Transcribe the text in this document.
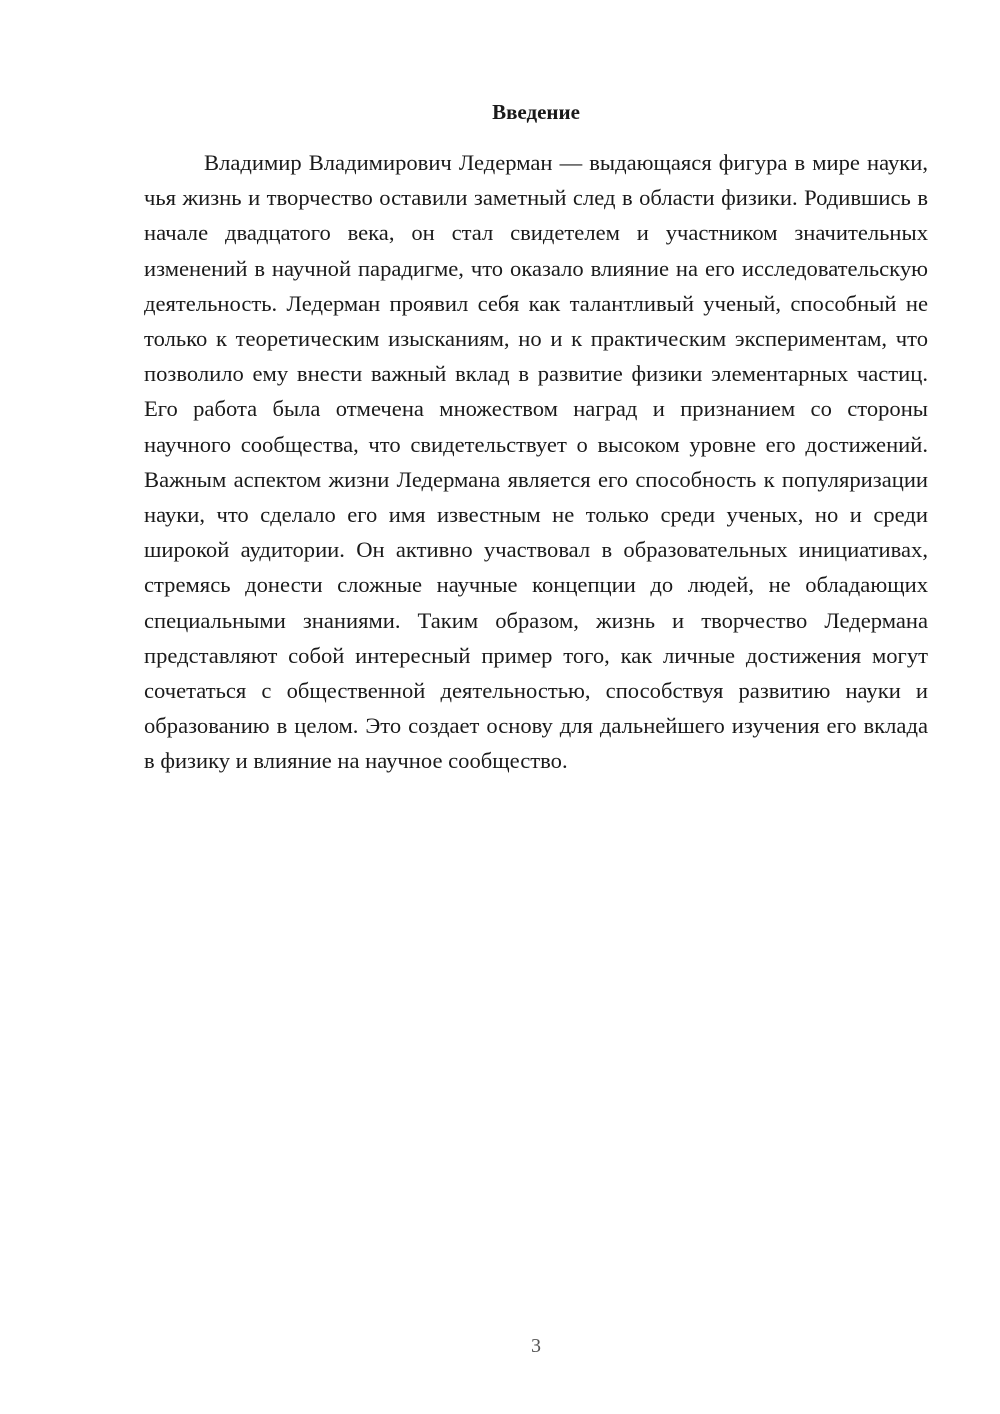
Введение

Владимир Владимирович Ледерман — выдающаяся фигура в мире науки, чья жизнь и творчество оставили заметный след в области физики. Родившись в начале двадцатого века, он стал свидетелем и участником значительных изменений в научной парадигме, что оказало влияние на его исследовательскую деятельность. Ледерман проявил себя как талантливый ученый, способный не только к теоретическим изысканиям, но и к практическим экспериментам, что позволило ему внести важный вклад в развитие физики элементарных частиц. Его работа была отмечена множеством наград и признанием со стороны научного сообщества, что свидетельствует о высоком уровне его достижений. Важным аспектом жизни Ледермана является его способность к популяризации науки, что сделало его имя известным не только среди ученых, но и среди широкой аудитории. Он активно участвовал в образовательных инициативах, стремясь донести сложные научные концепции до людей, не обладающих специальными знаниями. Таким образом, жизнь и творчество Ледермана представляют собой интересный пример того, как личные достижения могут сочетаться с общественной деятельностью, способствуя развитию науки и образованию в целом. Это создает основу для дальнейшего изучения его вклада в физику и влияние на научное сообщество.

3
